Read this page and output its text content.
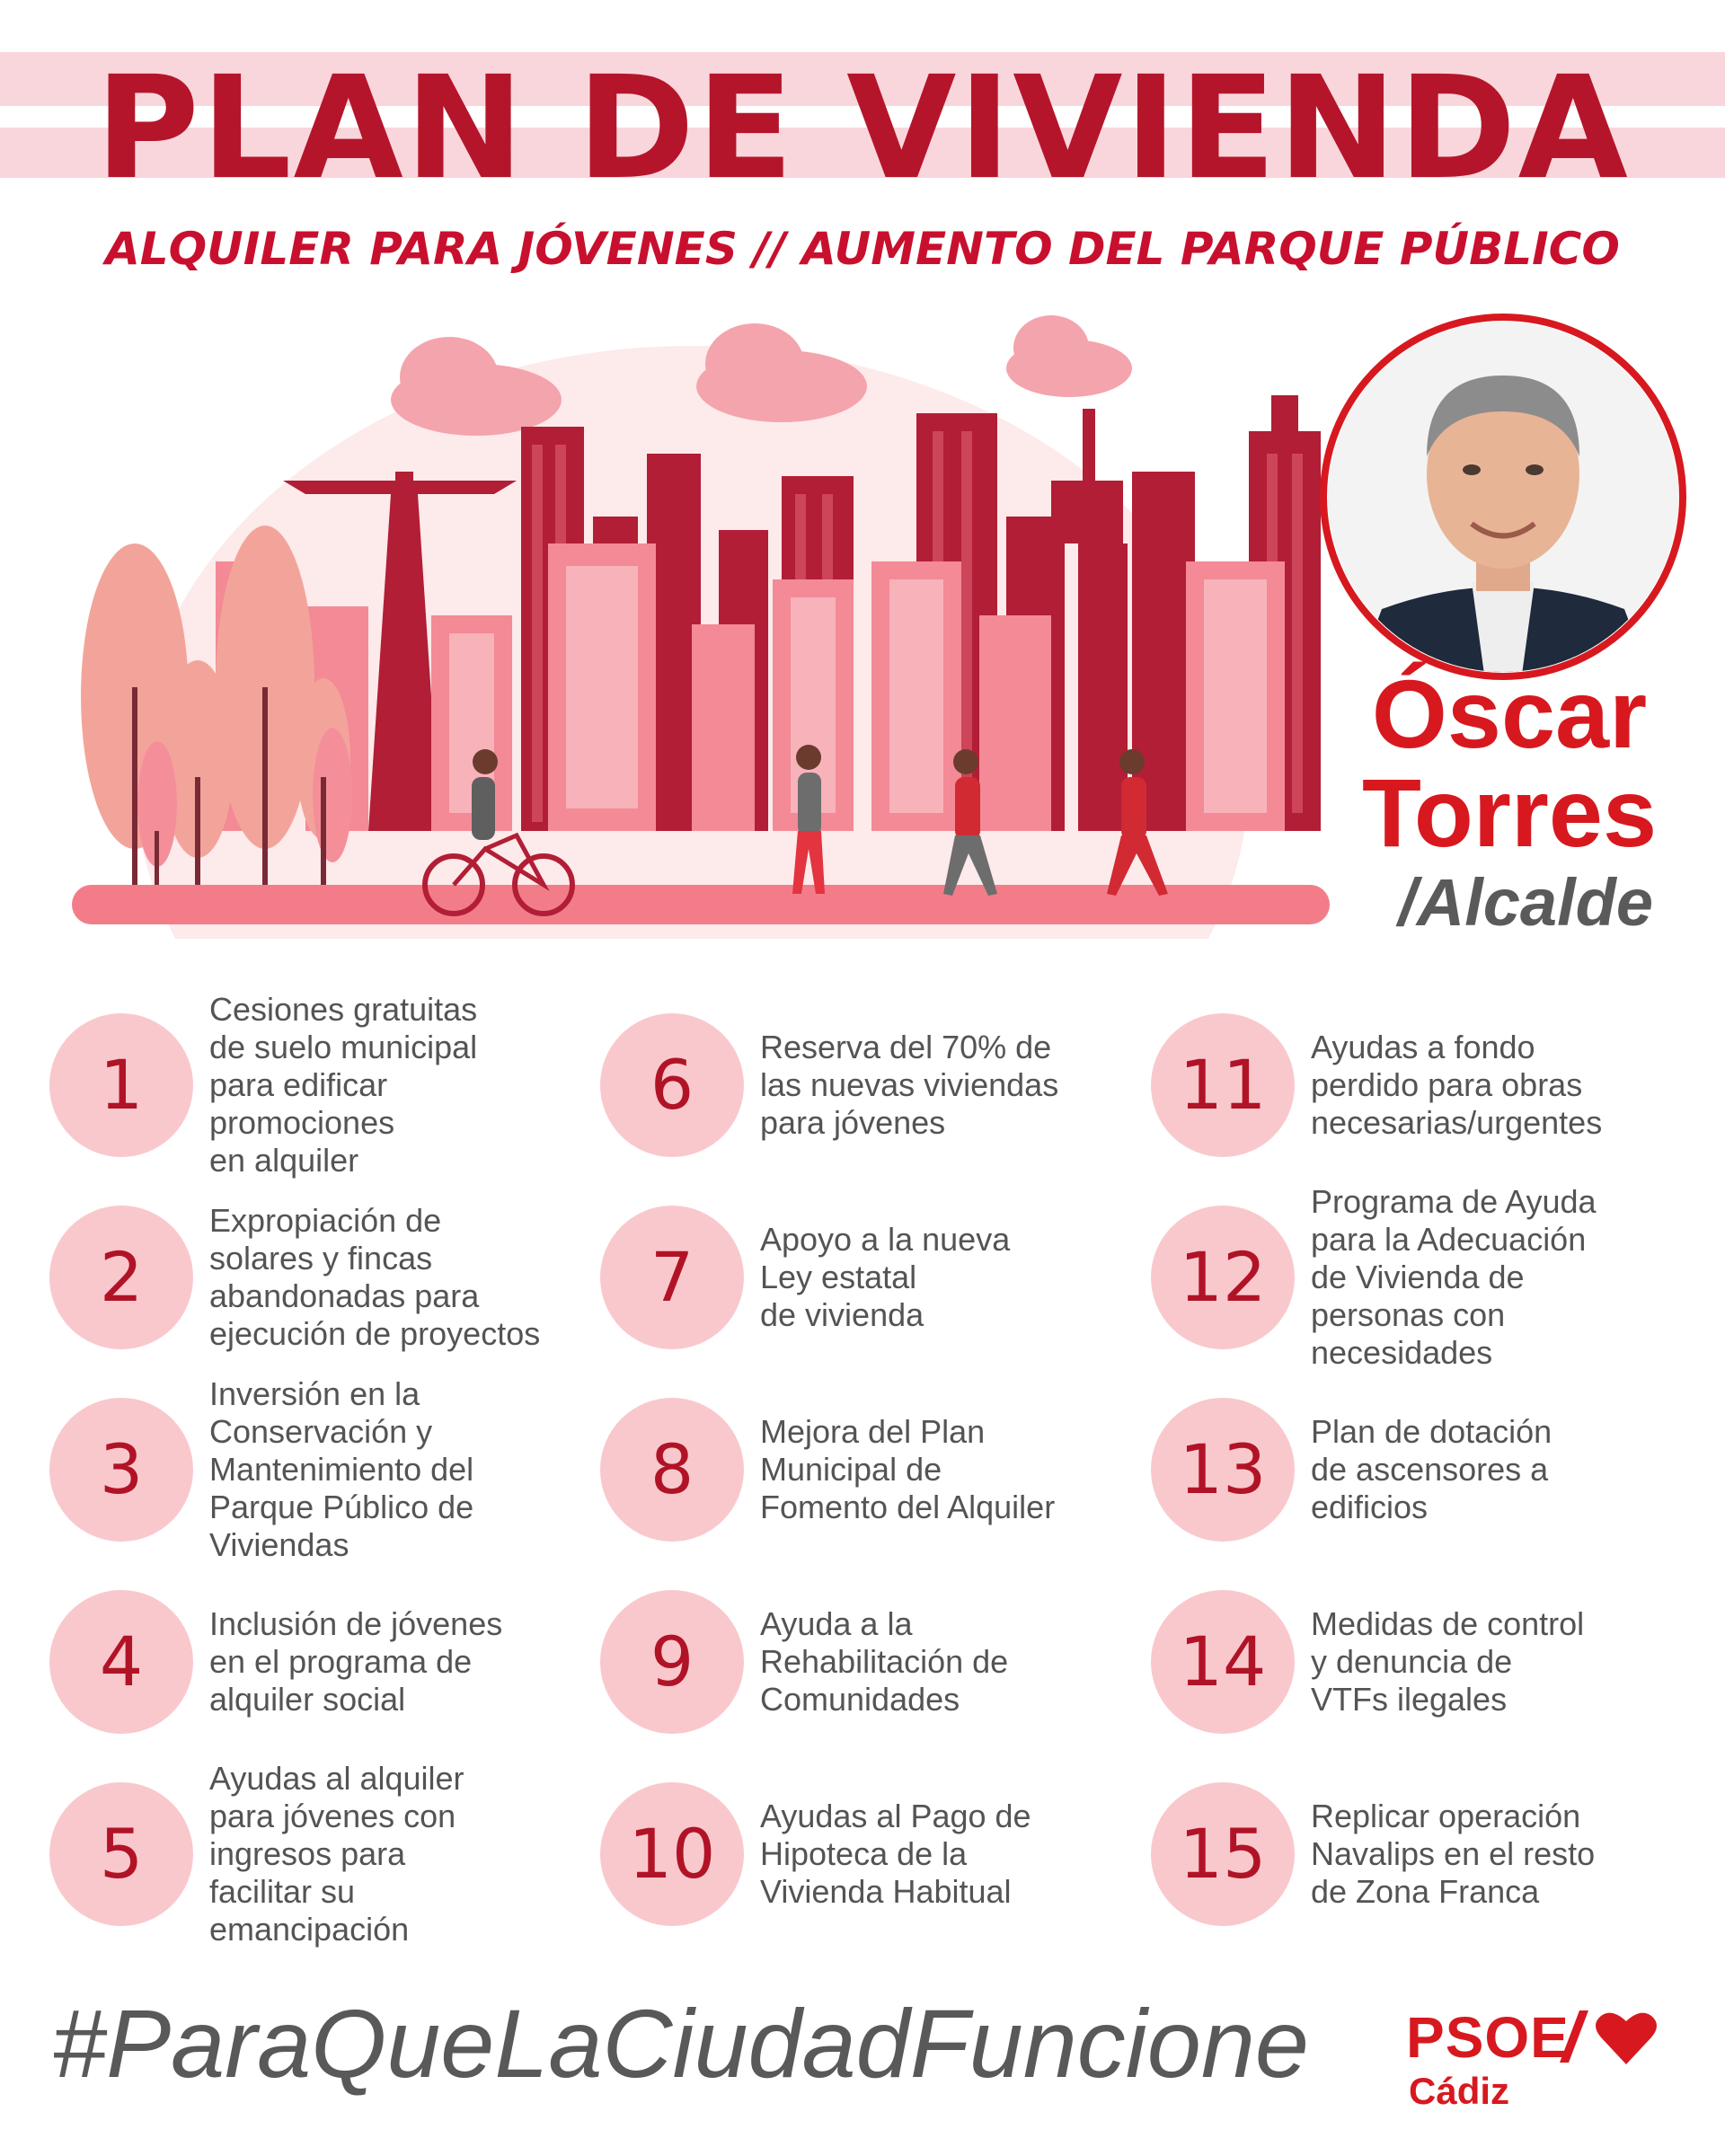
PLAN DE VIVIENDA
ALQUILER PARA JÓVENES // AUMENTO DEL PARQUE PÚBLICO
Óscar
Torres
/Alcalde
1
Cesiones gratuitas
de suelo municipal
para edificar
promociones
en alquiler
2
Expropiación de
solares y fincas
abandonadas para
ejecución de proyectos
3
Inversión en la
Conservación y
Mantenimiento del
Parque Público de
Viviendas
4	Inclusión de jóvenes
en el programa de
alquiler social
5
Ayudas al alquiler
para jóvenes con
ingresos para
facilitar su
emancipación
6	Reserva del 70% de
las nuevas viviendas
para jóvenes
7	Apoyo a la nueva
Ley estatal
de vivienda
8	Mejora del Plan
Municipal de
Fomento del Alquiler
9	Ayuda a la
Rehabilitación de
Comunidades
10	Ayudas al Pago de
Hipoteca de la
Vivienda Habitual
11	Ayudas a fondo
perdido para obras
necesarias/urgentes
12
Programa de Ayuda
para la Adecuación
de Vivienda de
personas con
necesidades
13	Plan de dotación
de ascensores a
edificios
14	Medidas de control
y denuncia de
VTFs ilegales
15	Replicar operación
Navalips en el resto
de Zona Franca
#ParaQueLaCiudadFuncione PSOE
Cádiz
